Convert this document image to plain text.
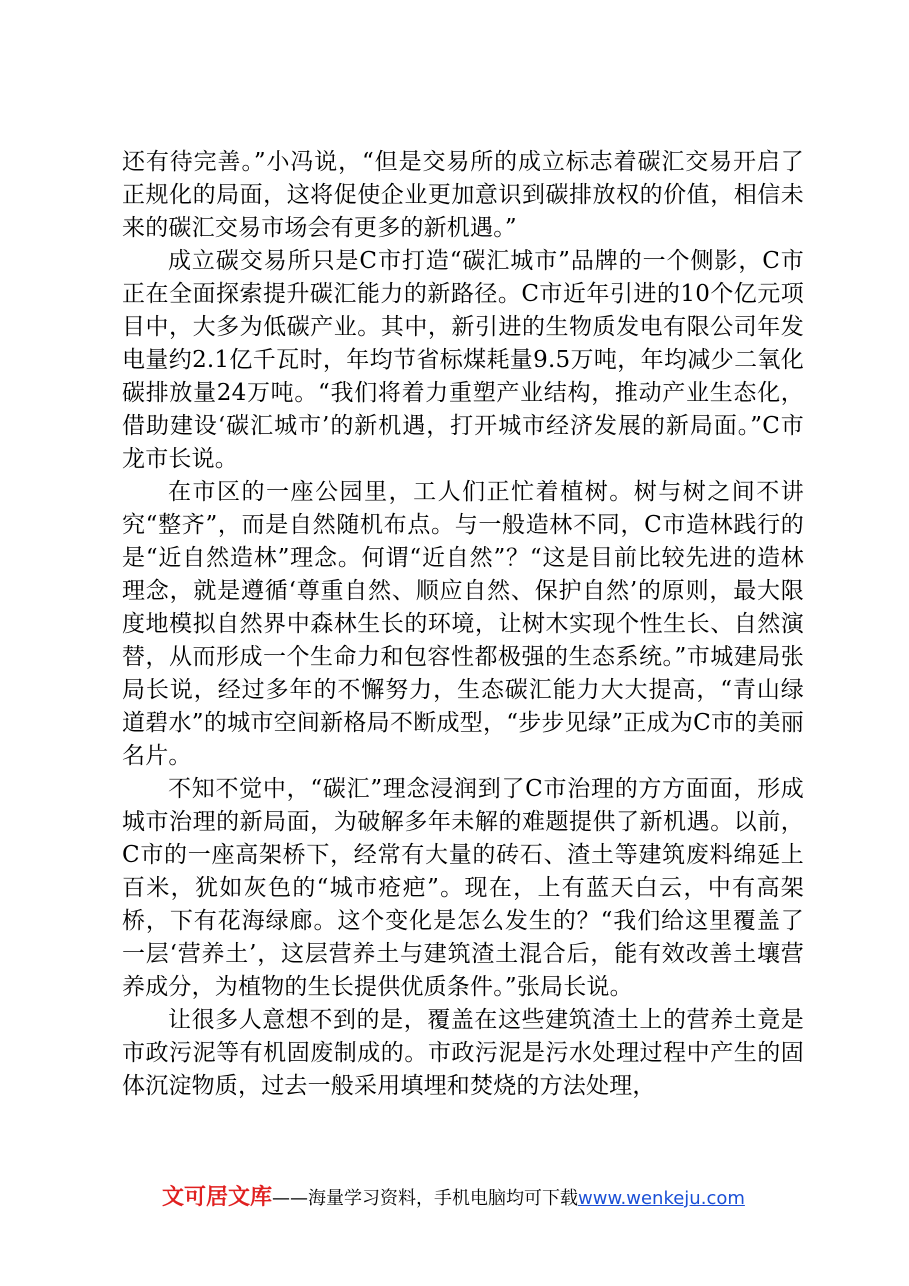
还有待完善。”小冯说，“但是交易所的成立标志着碳汇交易开启了正规化的局面，这将促使企业更加意识到碳排放权的价值，相信未来的碳汇交易市场会有更多的新机遇。”

成立碳交易所只是C市打造“碳汇城市”品牌的一个侧影，C市正在全面探索提升碳汇能力的新路径。C市近年引进的10个亿元项目中，大多为低碳产业。其中，新引进的生物质发电有限公司年发电量约2.1亿千瓦时，年均节省标煤耗量9.5万吨，年均减少二氧化碳排放量24万吨。“我们将着力重塑产业结构，推动产业生态化，借助建设‘碳汇城市’的新机遇，打开城市经济发展的新局面。”C市龙市长说。

在市区的一座公园里，工人们正忙着植树。树与树之间不讲究“整齐”，而是自然随机布点。与一般造林不同，C市造林践行的是“近自然造林”理念。何谓“近自然”？“这是目前比较先进的造林理念，就是遵循‘尊重自然、顺应自然、保护自然’的原则，最大限度地模拟自然界中森林生长的环境，让树木实现个性生长、自然演替，从而形成一个生命力和包容性都极强的生态系统。”市城建局张局长说，经过多年的不懈努力，生态碳汇能力大大提高，“青山绿道碧水”的城市空间新格局不断成型，“步步见绿”正成为C市的美丽名片。

不知不觉中，“碳汇”理念浸润到了C市治理的方方面面，形成城市治理的新局面，为破解多年未解的难题提供了新机遇。以前，C市的一座高架桥下，经常有大量的砖石、渣土等建筑废料绵延上百米，犹如灰色的“城市疮疤”。现在，上有蓝天白云，中有高架桥，下有花海绿廊。这个变化是怎么发生的？“我们给这里覆盖了一层‘营养土’，这层营养土与建筑渣土混合后，能有效改善土壤营养成分，为植物的生长提供优质条件。”张局长说。

让很多人意想不到的是，覆盖在这些建筑渣土上的营养土竟是市政污泥等有机固废制成的。市政污泥是污水处理过程中产生的固体沉淀物质，过去一般采用填埋和焚烧的方法处理，

文可居文库——海量学习资料，手机电脑均可下载www.wenkeju.com
